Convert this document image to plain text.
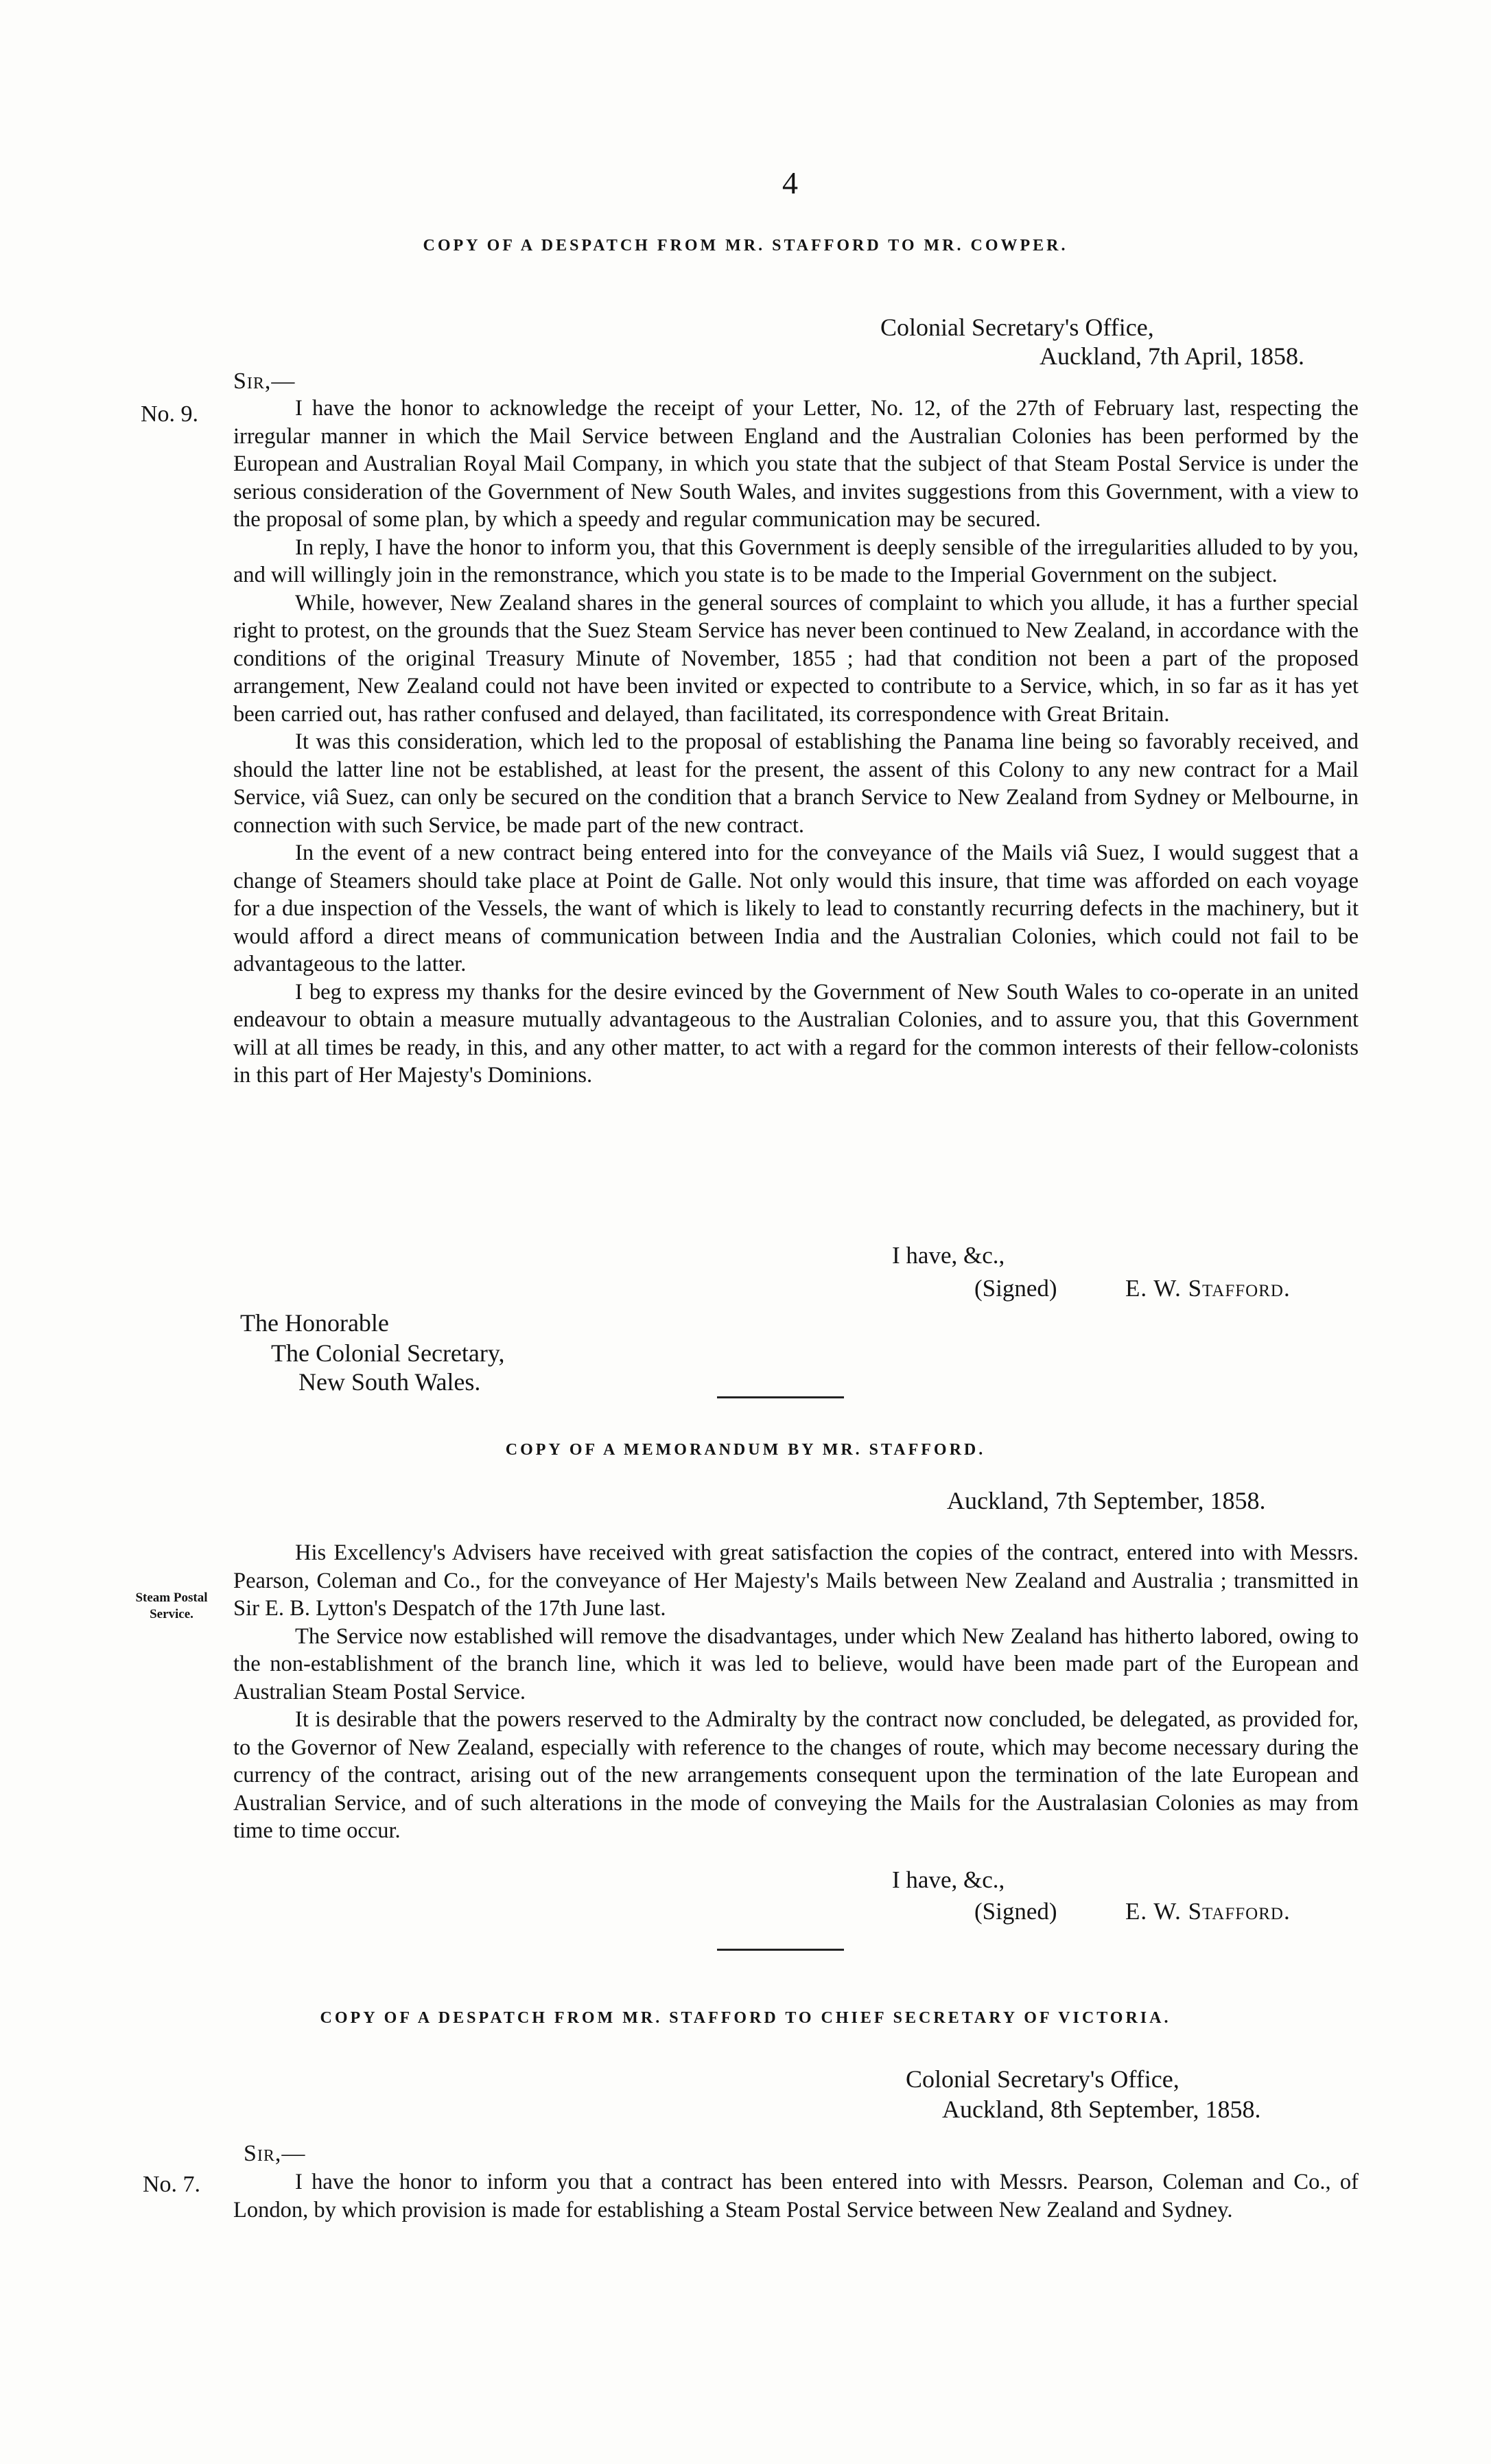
4
COPY OF A DESPATCH FROM MR. STAFFORD TO MR. COWPER.
Colonial Secretary's Office,
Auckland, 7th April, 1858.
Sir,—
No. 9.	I have the honor to acknowledge the receipt of your Letter, No. 12, of the 27th of February last, respecting the irregular manner in which the Mail Service between England and the Australian Colonies has been performed by the European and Australian Royal Mail Company, in which you state that the subject of that Steam Postal Service is under the serious consideration of the Government of New South Wales, and invites suggestions from this Government, with a view to the proposal of some plan, by which a speedy and regular communication may be secured.

In reply, I have the honor to inform you, that this Government is deeply sensible of the irregularities alluded to by you, and will willingly join in the remonstrance, which you state is to be made to the Imperial Government on the subject.

While, however, New Zealand shares in the general sources of complaint to which you allude, it has a further special right to protest, on the grounds that the Suez Steam Service has never been continued to New Zealand, in accordance with the conditions of the original Treasury Minute of November, 1855 ; had that condition not been a part of the proposed arrangement, New Zealand could not have been invited or expected to contribute to a Service, which, in so far as it has yet been carried out, has rather confused and delayed, than facilitated, its correspondence with Great Britain.

It was this consideration, which led to the proposal of establishing the Panama line being so favorably received, and should the latter line not be established, at least for the present, the assent of this Colony to any new contract for a Mail Service, viâ Suez, can only be secured on the condition that a branch Service to New Zealand from Sydney or Melbourne, in connection with such Service, be made part of the new contract.

In the event of a new contract being entered into for the conveyance of the Mails viâ Suez, I would suggest that a change of Steamers should take place at Point de Galle. Not only would this insure, that time was afforded on each voyage for a due inspection of the Vessels, the want of which is likely to lead to constantly recurring defects in the machinery, but it would afford a direct means of communication between India and the Australian Colonies, which could not fail to be advantageous to the latter.

I beg to express my thanks for the desire evinced by the Government of New South Wales to co-operate in an united endeavour to obtain a measure mutually advantageous to the Australian Colonies, and to assure you, that this Government will at all times be ready, in this, and any other matter, to act with a regard for the common interests of their fellow-colonists in this part of Her Majesty's Dominions.

I have, &c.,
(Signed)	E. W. Stafford.
The Honorable
The Colonial Secretary,
New South Wales.
COPY OF A MEMORANDUM BY MR. STAFFORD.
Auckland, 7th September, 1858.
Steam Postal
Service.

His Excellency's Advisers have received with great satisfaction the copies of the contract, entered into with Messrs. Pearson, Coleman and Co., for the conveyance of Her Majesty's Mails between New Zealand and Australia ; transmitted in Sir E. B. Lytton's Despatch of the 17th June last.

The Service now established will remove the disadvantages, under which New Zealand has hitherto labored, owing to the non-establishment of the branch line, which it was led to believe, would have been made part of the European and Australian Steam Postal Service.

It is desirable that the powers reserved to the Admiralty by the contract now concluded, be delegated, as provided for, to the Governor of New Zealand, especially with reference to the changes of route, which may become necessary during the currency of the contract, arising out of the new arrangements consequent upon the termination of the late European and Australian Service, and of such alterations in the mode of conveying the Mails for the Australasian Colonies as may from time to time occur.

I have, &c.,
(Signed)	E. W. Stafford.
COPY OF A DESPATCH FROM MR. STAFFORD TO CHIEF SECRETARY OF VICTORIA.
Colonial Secretary's Office,
Auckland, 8th September, 1858.
Sir,—
No. 7.	I have the honor to inform you that a contract has been entered into with Messrs. Pearson, Coleman and Co., of London, by which provision is made for establishing a Steam Postal Service between New Zealand and Sydney.
